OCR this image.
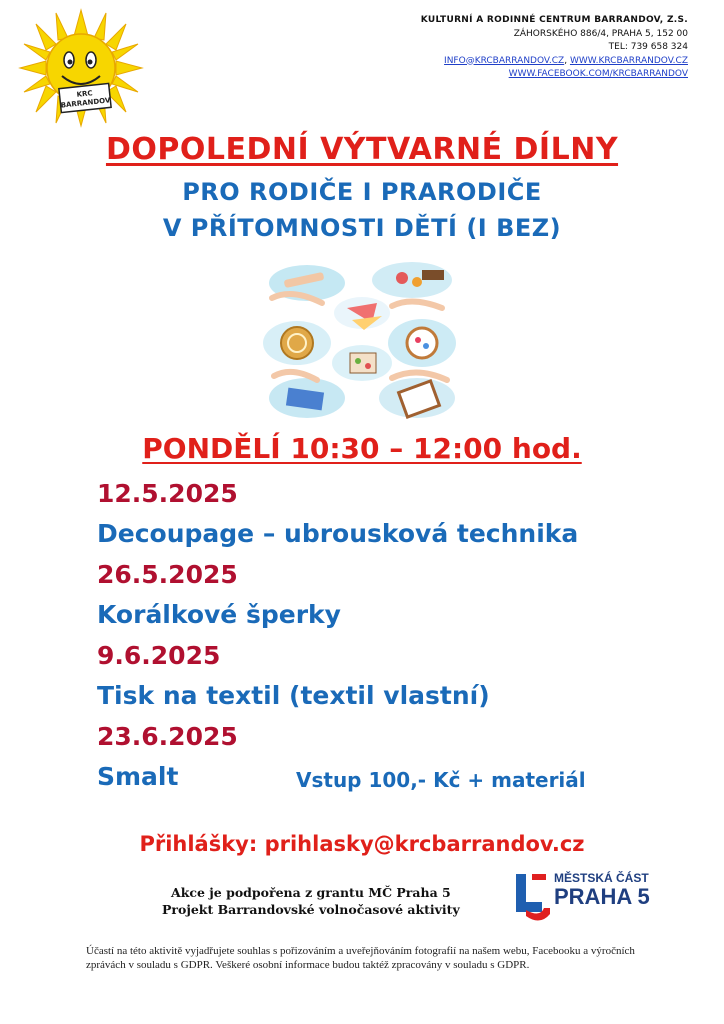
KRC
BARRANDOV
KULTURNÍ A RODINNÉ CENTRUM BARRANDOV, Z.S.
ZÁHORSKÉHO 886/4, PRAHA 5, 152 00
TEL: 739 658 324
INFO@KRCBARRANDOV.CZ, WWW.KRCBARRANDOV.CZ
WWW.FACEBOOK.COM/KRCBARRANDOV
DOPOLEDNÍ VÝTVARNÉ DÍLNY
PRO RODIČE I PRARODIČE
V PŘÍTOMNOSTI DĚTÍ (I BEZ)
PONDĚLÍ 10:30 – 12:00 hod.
12.5.2025
Decoupage – ubrousková technika
26.5.2025
Korálkové šperky
9.6.2025
Tisk na textil (textil vlastní)
23.6.2025
Smalt	Vstup 100,- Kč + materiál
Přihlášky: prihlasky@krcbarrandov.cz
Akce je podpořena z grantu MČ Praha 5
Projekt Barrandovské volnočasové aktivity
MĚSTSKÁ ČÁST
PRAHA 5
Účastí na této aktivitě vyjadřujete souhlas s pořizováním a uveřejňováním fotografií na našem webu, Facebooku a výročních zprávách v souladu s GDPR. Veškeré osobní informace budou taktéž zpracovány v souladu s GDPR.
